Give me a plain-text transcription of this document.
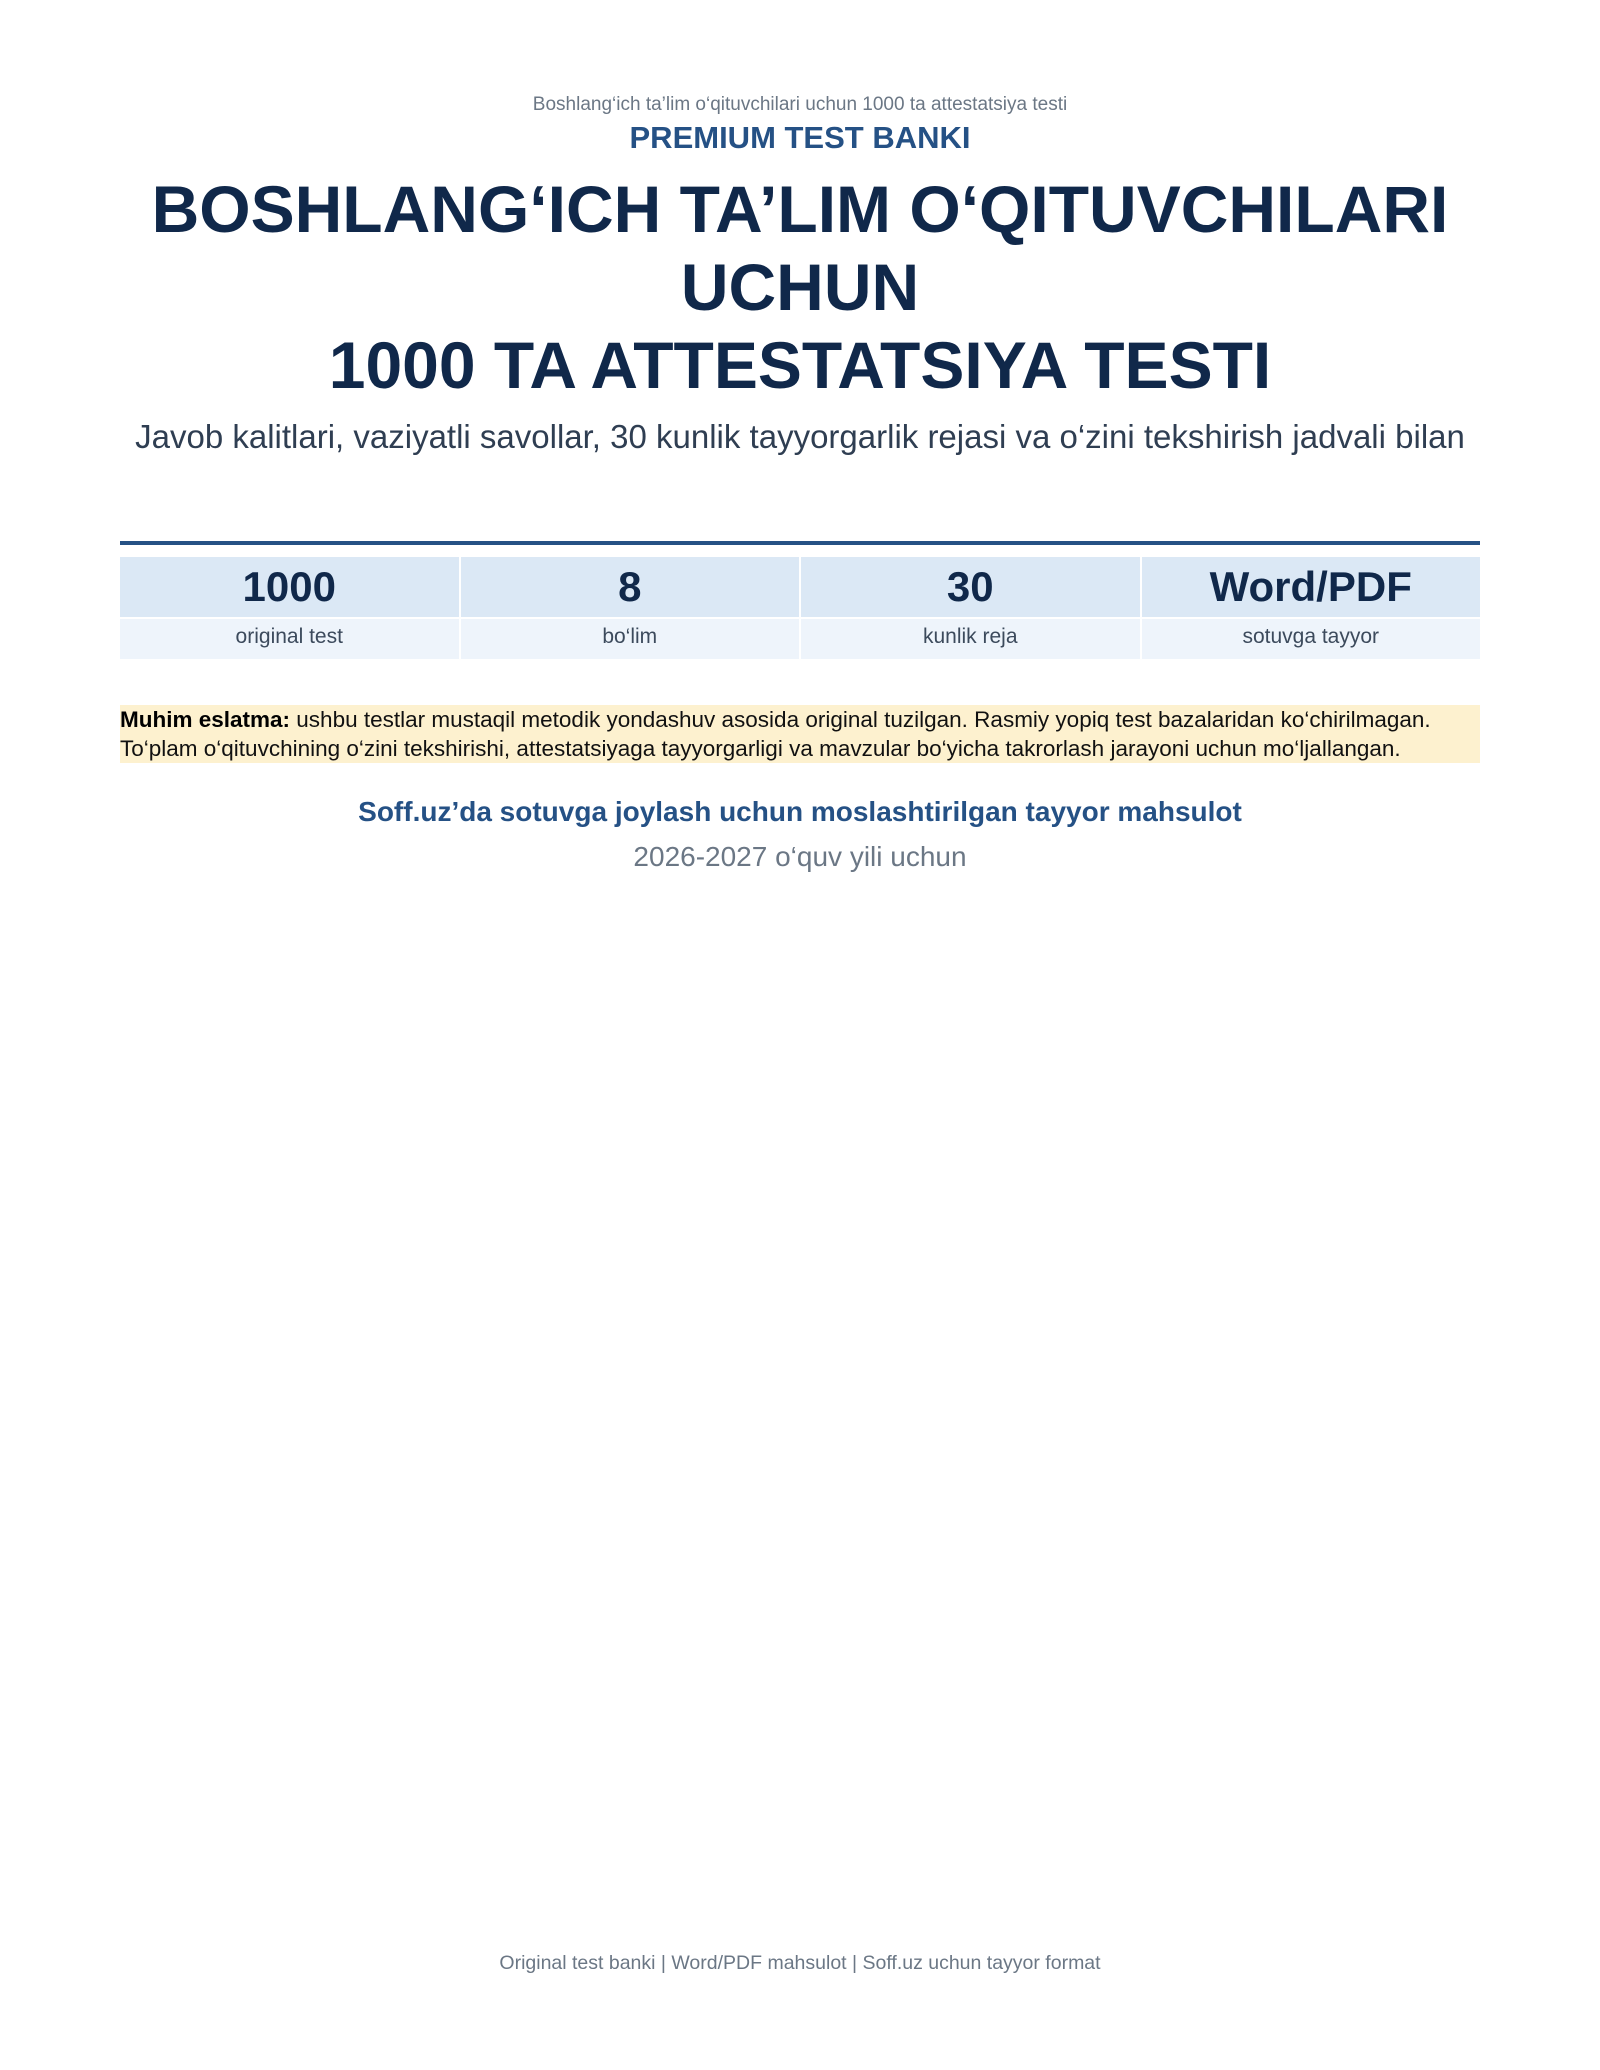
Boshlang‘ich ta’lim o‘qituvchilari uchun 1000 ta attestatsiya testi
PREMIUM TEST BANKI
BOSHLANG‘ICH TA’LIM O‘QITUVCHILARI
UCHUN
1000 TA ATTESTATSIYA TESTI
Javob kalitlari, vaziyatli savollar, 30 kunlik tayyorgarlik rejasi va o‘zini tekshirish jadvali bilan
1000
original test
8
bo‘lim
30
kunlik reja
Word/PDF
sotuvga tayyor
Muhim eslatma: ushbu testlar mustaqil metodik yondashuv asosida original tuzilgan. Rasmiy yopiq test bazalaridan ko‘chirilmagan. To‘plam o‘qituvchining o‘zini tekshirishi, attestatsiyaga tayyorgarligi va mavzular bo‘yicha takrorlash jarayoni uchun mo‘ljallangan.
Soff.uz’da sotuvga joylash uchun moslashtirilgan tayyor mahsulot
2026-2027 o‘quv yili uchun
Original test banki | Word/PDF mahsulot | Soff.uz uchun tayyor format
